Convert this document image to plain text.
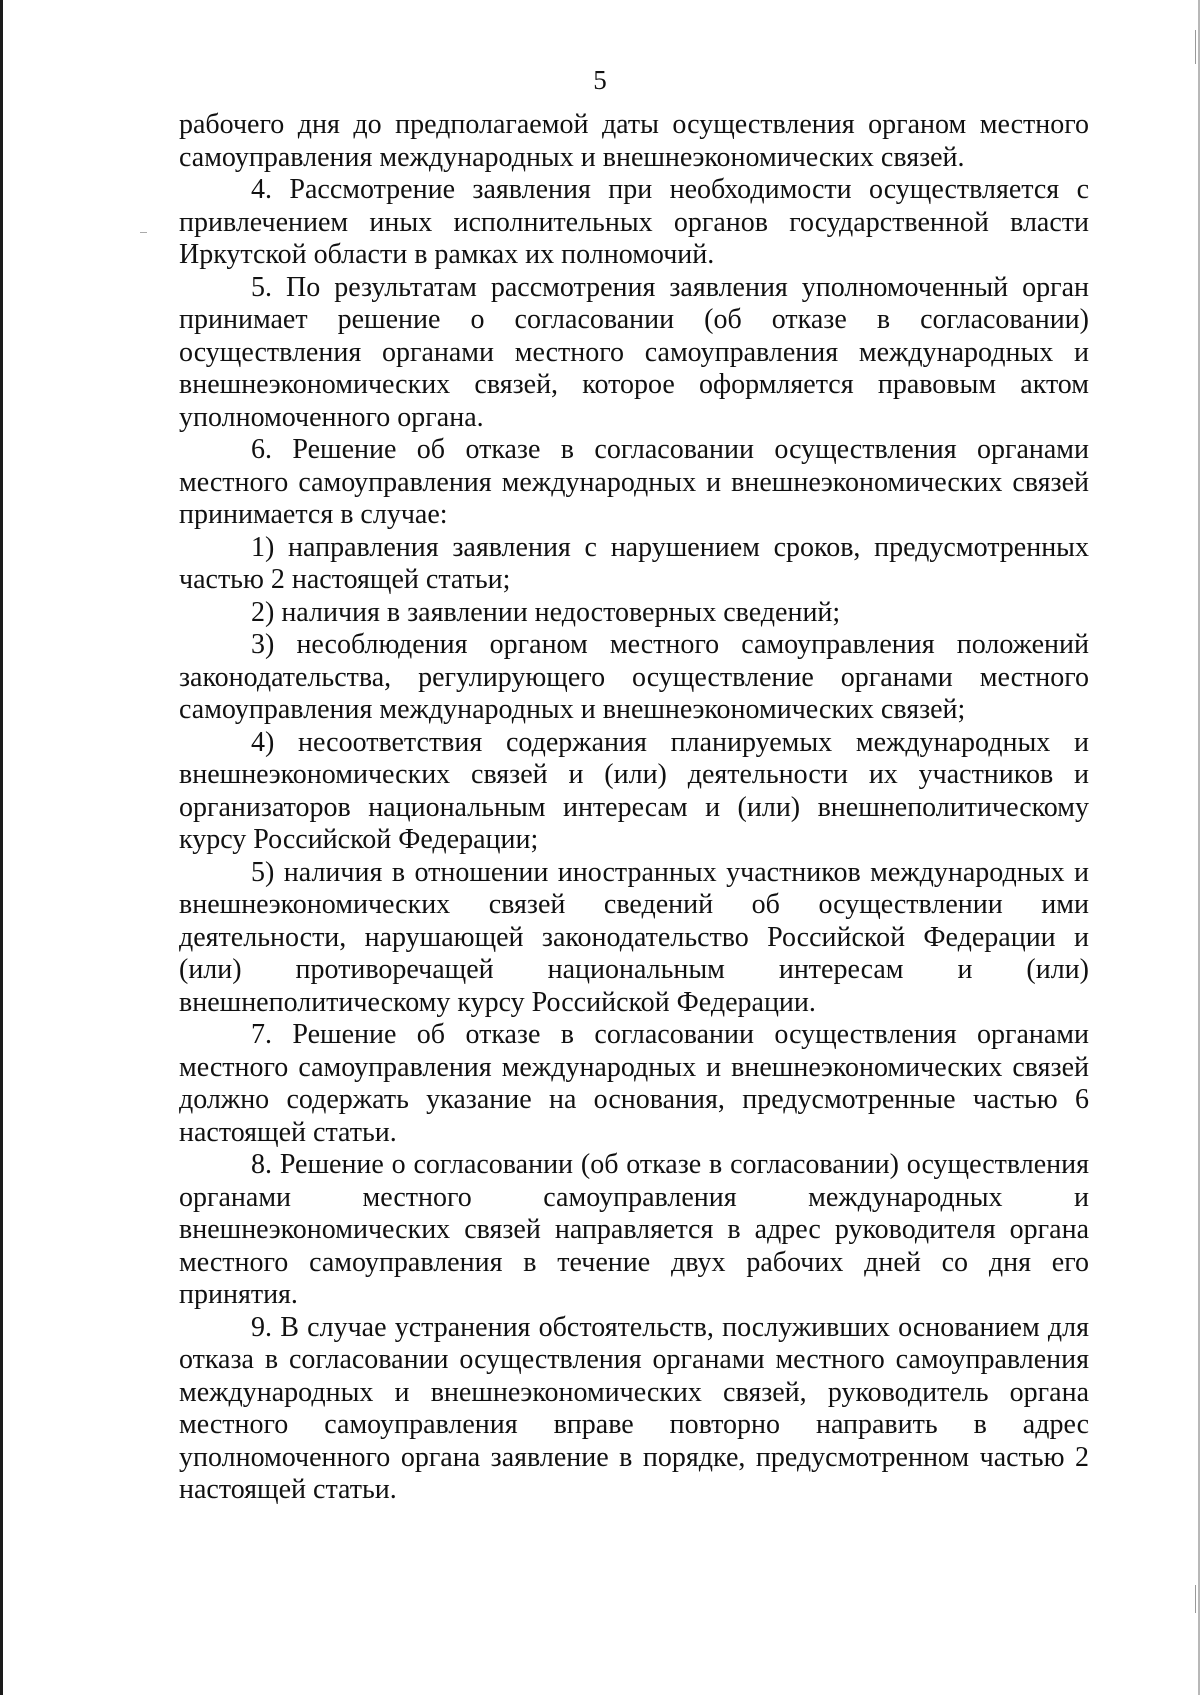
5
рабочего дня до предполагаемой даты осуществления органом местного
самоуправления международных и внешнеэкономических связей.
4. Рассмотрение заявления при необходимости осуществляется с
привлечением иных исполнительных органов государственной власти
Иркутской области в рамках их полномочий.
5. По результатам рассмотрения заявления уполномоченный орган
принимает решение о согласовании (об отказе в согласовании)
осуществления органами местного самоуправления международных и
внешнеэкономических связей, которое оформляется правовым актом
уполномоченного органа.
6. Решение об отказе в согласовании осуществления органами
местного самоуправления международных и внешнеэкономических связей
принимается в случае:
1) направления заявления с нарушением сроков, предусмотренных
частью 2 настоящей статьи;
2) наличия в заявлении недостоверных сведений;
3) несоблюдения органом местного самоуправления положений
законодательства, регулирующего осуществление органами местного
самоуправления международных и внешнеэкономических связей;
4) несоответствия содержания планируемых международных и
внешнеэкономических связей и (или) деятельности их участников и
организаторов национальным интересам и (или) внешнеполитическому
курсу Российской Федерации;
5) наличия в отношении иностранных участников международных и
внешнеэкономических связей сведений об осуществлении ими
деятельности, нарушающей законодательство Российской Федерации и
(или) противоречащей национальным интересам и (или)
внешнеполитическому курсу Российской Федерации.
7. Решение об отказе в согласовании осуществления органами
местного самоуправления международных и внешнеэкономических связей
должно содержать указание на основания, предусмотренные частью 6
настоящей статьи.
8. Решение о согласовании (об отказе в согласовании) осуществления
органами местного самоуправления международных и
внешнеэкономических связей направляется в адрес руководителя органа
местного самоуправления в течение двух рабочих дней со дня его
принятия.
9. В случае устранения обстоятельств, послуживших основанием для
отказа в согласовании осуществления органами местного самоуправления
международных и внешнеэкономических связей, руководитель органа
местного самоуправления вправе повторно направить в адрес
уполномоченного органа заявление в порядке, предусмотренном частью 2
настоящей статьи.
